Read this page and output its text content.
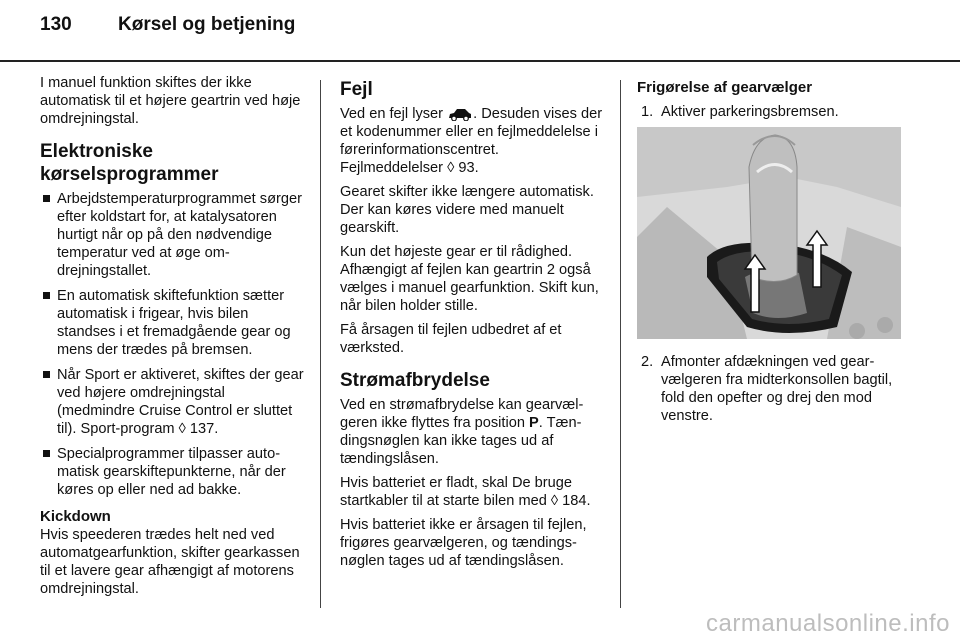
130 Kørsel og betjening

I manuel funktion skiftes der ikke automatisk til et højere geartrin ved høje omdrejningstal.

Elektroniske kørselsprogrammer
Arbejdstemperaturprogrammet sørger efter koldstart for, at katalysatoren hurtigt når op på den nødvendige temperatur ved at øge omdrejningstallet.
En automatisk skiftefunktion sætter automatisk i frigear, hvis bilen standses i et fremadgående gear og mens der trædes på bremsen.
Når Sport er aktiveret, skiftes der gear ved højere omdrejningstal (medmindre Cruise Control er sluttet til). Sport-program ◊ 137.
Specialprogrammer tilpasser automatisk gearskiftepunkterne, når der køres op eller ned ad bakke.
Kickdown

Hvis speederen trædes helt ned ved automatgearfunktion, skifter gearkassen til et lavere gear afhængigt af motorens omdrejningstal.

Fejl

Ved en fejl lyser . Desuden vises der et kodenummer eller en fejlmeddelelse i førerinformationscentret. Fejlmeddelelser ◊ 93.

Gearet skifter ikke længere automatisk. Der kan køres videre med manuelt gearskift.

Kun det højeste gear er til rådighed. Afhængigt af fejlen kan geartrin 2 også vælges i manuel gearfunktion. Skift kun, når bilen holder stille.

Få årsagen til fejlen udbedret af et værksted.

Strømafbrydelse

Ved en strømafbrydelse kan gearvælgeren ikke flyttes fra position P. Tændingsnøglen kan ikke tages ud af tændingslåsen.

Hvis batteriet er fladt, skal De bruge startkabler til at starte bilen med ◊ 184.

Hvis batteriet ikke er årsagen til fejlen, frigøres gearvælgeren, og tændingsnøglen tages ud af tændingslåsen.

Frigørelse af gearvælger
1. Aktiver parkeringsbremsen.
2. Afmonter afdækningen ved gearvælgeren fra midterkonsollen bagtil, fold den opefter og drej den mod venstre.
carmanualsonline.info
